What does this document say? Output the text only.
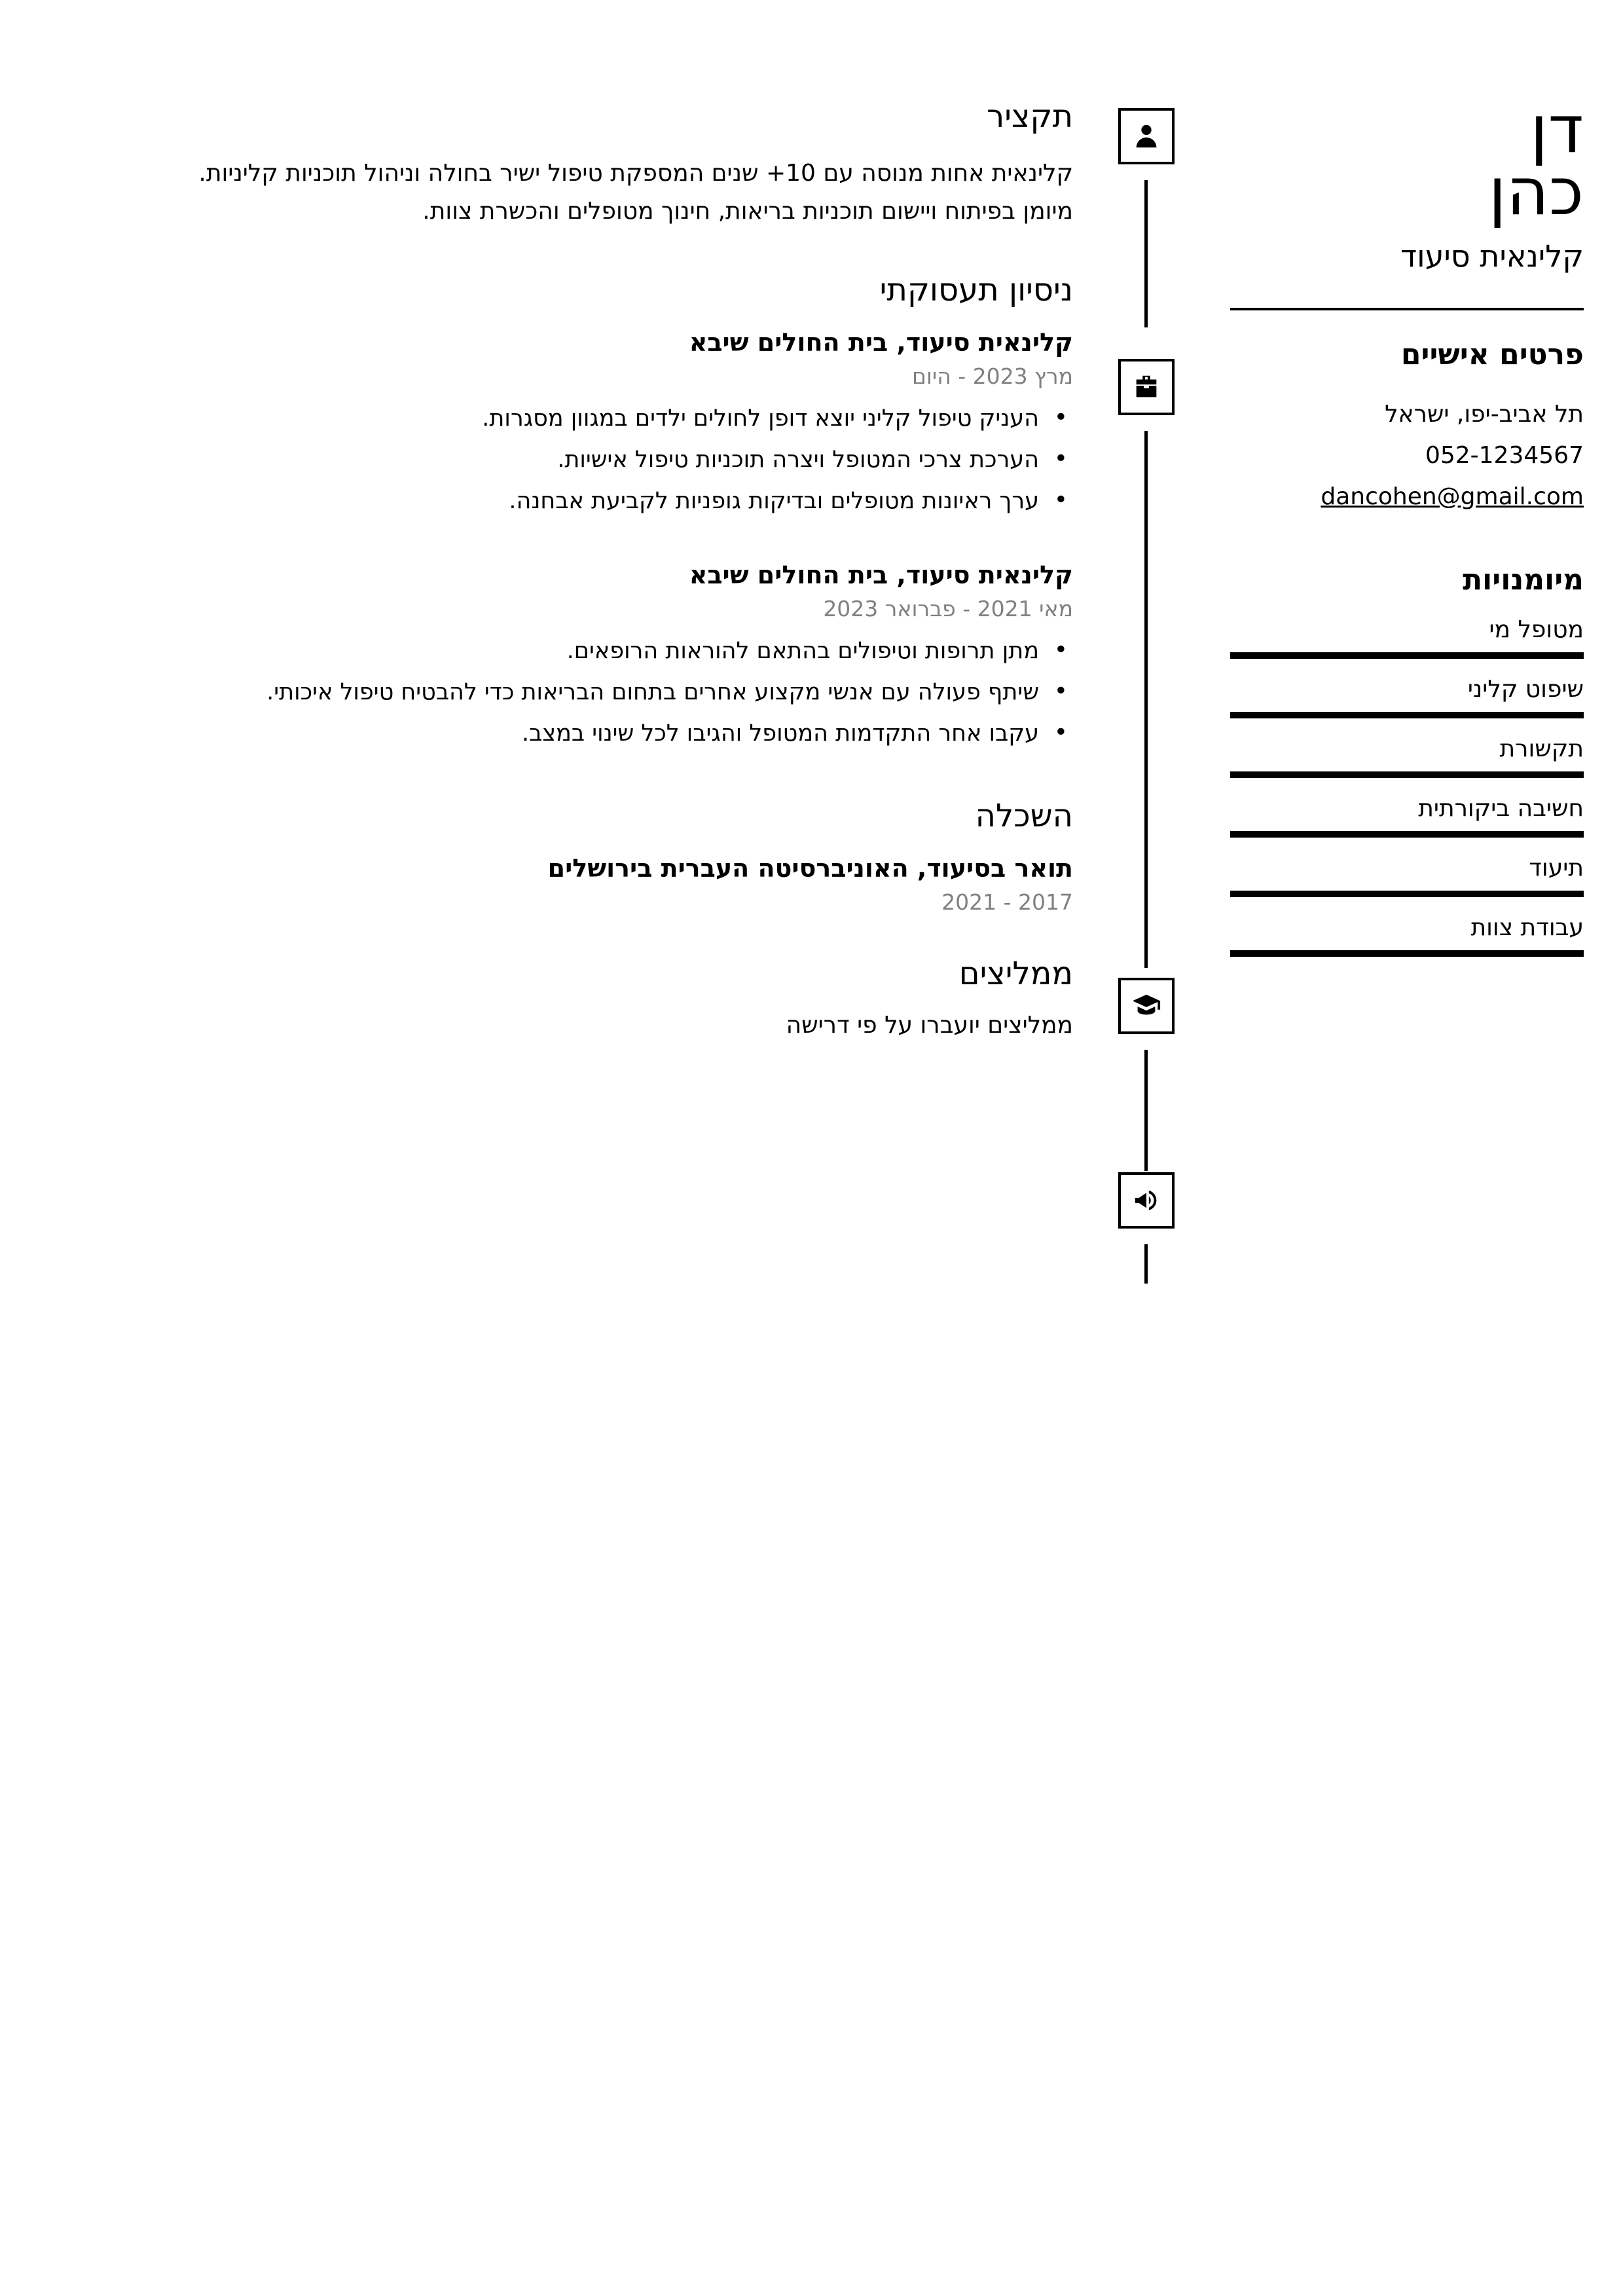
דן
כהן
קלינאית סיעוד
פרטים אישיים
תל אביב-יפו, ישראל
052-1234567
dancohen@gmail.com
מיומנויות
מטופל מי
שיפוט קליני
תקשורת
חשיבה ביקורתית
תיעוד
עבודת צוות
תקציר
קלינאית אחות מנוסה עם 10+ שנים המספקת טיפול ישיר בחולה וניהול תוכניות קליניות. מיומן בפיתוח ויישום תוכניות בריאות, חינוך מטופלים והכשרת צוות.
ניסיון תעסוקתי
קלינאית סיעוד, בית החולים שיבא
מרץ 2023 - היום
• העניק טיפול קליני יוצא דופן לחולים ילדים במגוון מסגרות.
• הערכת צרכי המטופל ויצרה תוכניות טיפול אישיות.
• ערך ראיונות מטופלים ובדיקות גופניות לקביעת אבחנה.
קלינאית סיעוד, בית החולים שיבא
מאי 2021 - פברואר 2023
• מתן תרופות וטיפולים בהתאם להוראות הרופאים.
• שיתף פעולה עם אנשי מקצוע אחרים בתחום הבריאות כדי להבטיח טיפול איכותי.
• עקבו אחר התקדמות המטופל והגיבו לכל שינוי במצב.
השכלה
תואר בסיעוד, האוניברסיטה העברית בירושלים
2017 - 2021
ממליצים
ממליצים יועברו על פי דרישה
